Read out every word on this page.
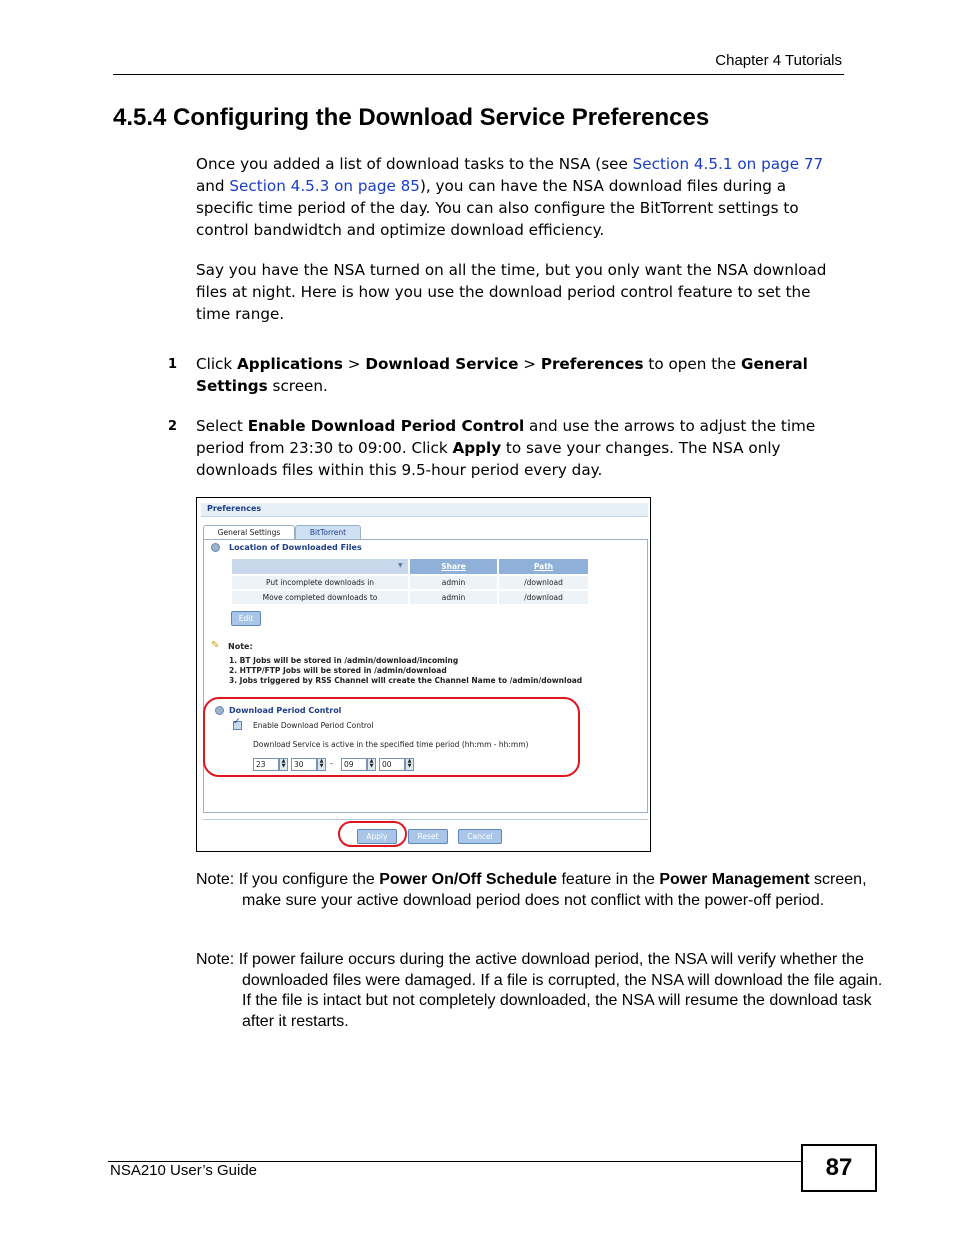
Chapter 4 Tutorials
4.5.4 Configuring the Download Service Preferences

Once you added a list of download tasks to the NSA (see Section 4.5.1 on page 77 and Section 4.5.3 on page 85), you can have the NSA download files during a specific time period of the day. You can also configure the BitTorrent settings to control bandwidtch and optimize download efficiency.

Say you have the NSA turned on all the time, but you only want the NSA download files at night. Here is how you use the download period control feature to set the time range.

1 Click Applications > Download Service > Preferences to open the General Settings screen.

2 Select Enable Download Period Control and use the arrows to adjust the time period from 23:30 to 09:00. Click Apply to save your changes. The NSA only downloads files within this 9.5-hour period every day.

Preferences
General Settings	BitTorrent
Location of Downloaded Files
▼	Share	Path
Put incomplete downloads in	admin	/download
Move completed downloads to	admin	/download
Edit
✎ Note:
1. BT Jobs will be stored in /admin/download/incoming
2. HTTP/FTP Jobs will be stored in /admin/download
3. Jobs triggered by RSS Channel will create the Channel Name to /admin/download
Download Period Control
✓ Enable Download Period Control
Download Service is active in the specified time period (hh:mm - hh:mm)
23	▲
▼	30	▲
▼ -	09	▲
▼	00	▲
▼
Apply	Reset	Cancel

Note: If you configure the Power On/Off Schedule feature in the Power Management screen, make sure your active download period does not conflict with the power-off period.

Note: If power failure occurs during the active download period, the NSA will verify whether the downloaded files were damaged. If a file is corrupted, the NSA will download the file again. If the file is intact but not completely downloaded, the NSA will resume the download task after it restarts.

NSA210 User’s Guide	87
